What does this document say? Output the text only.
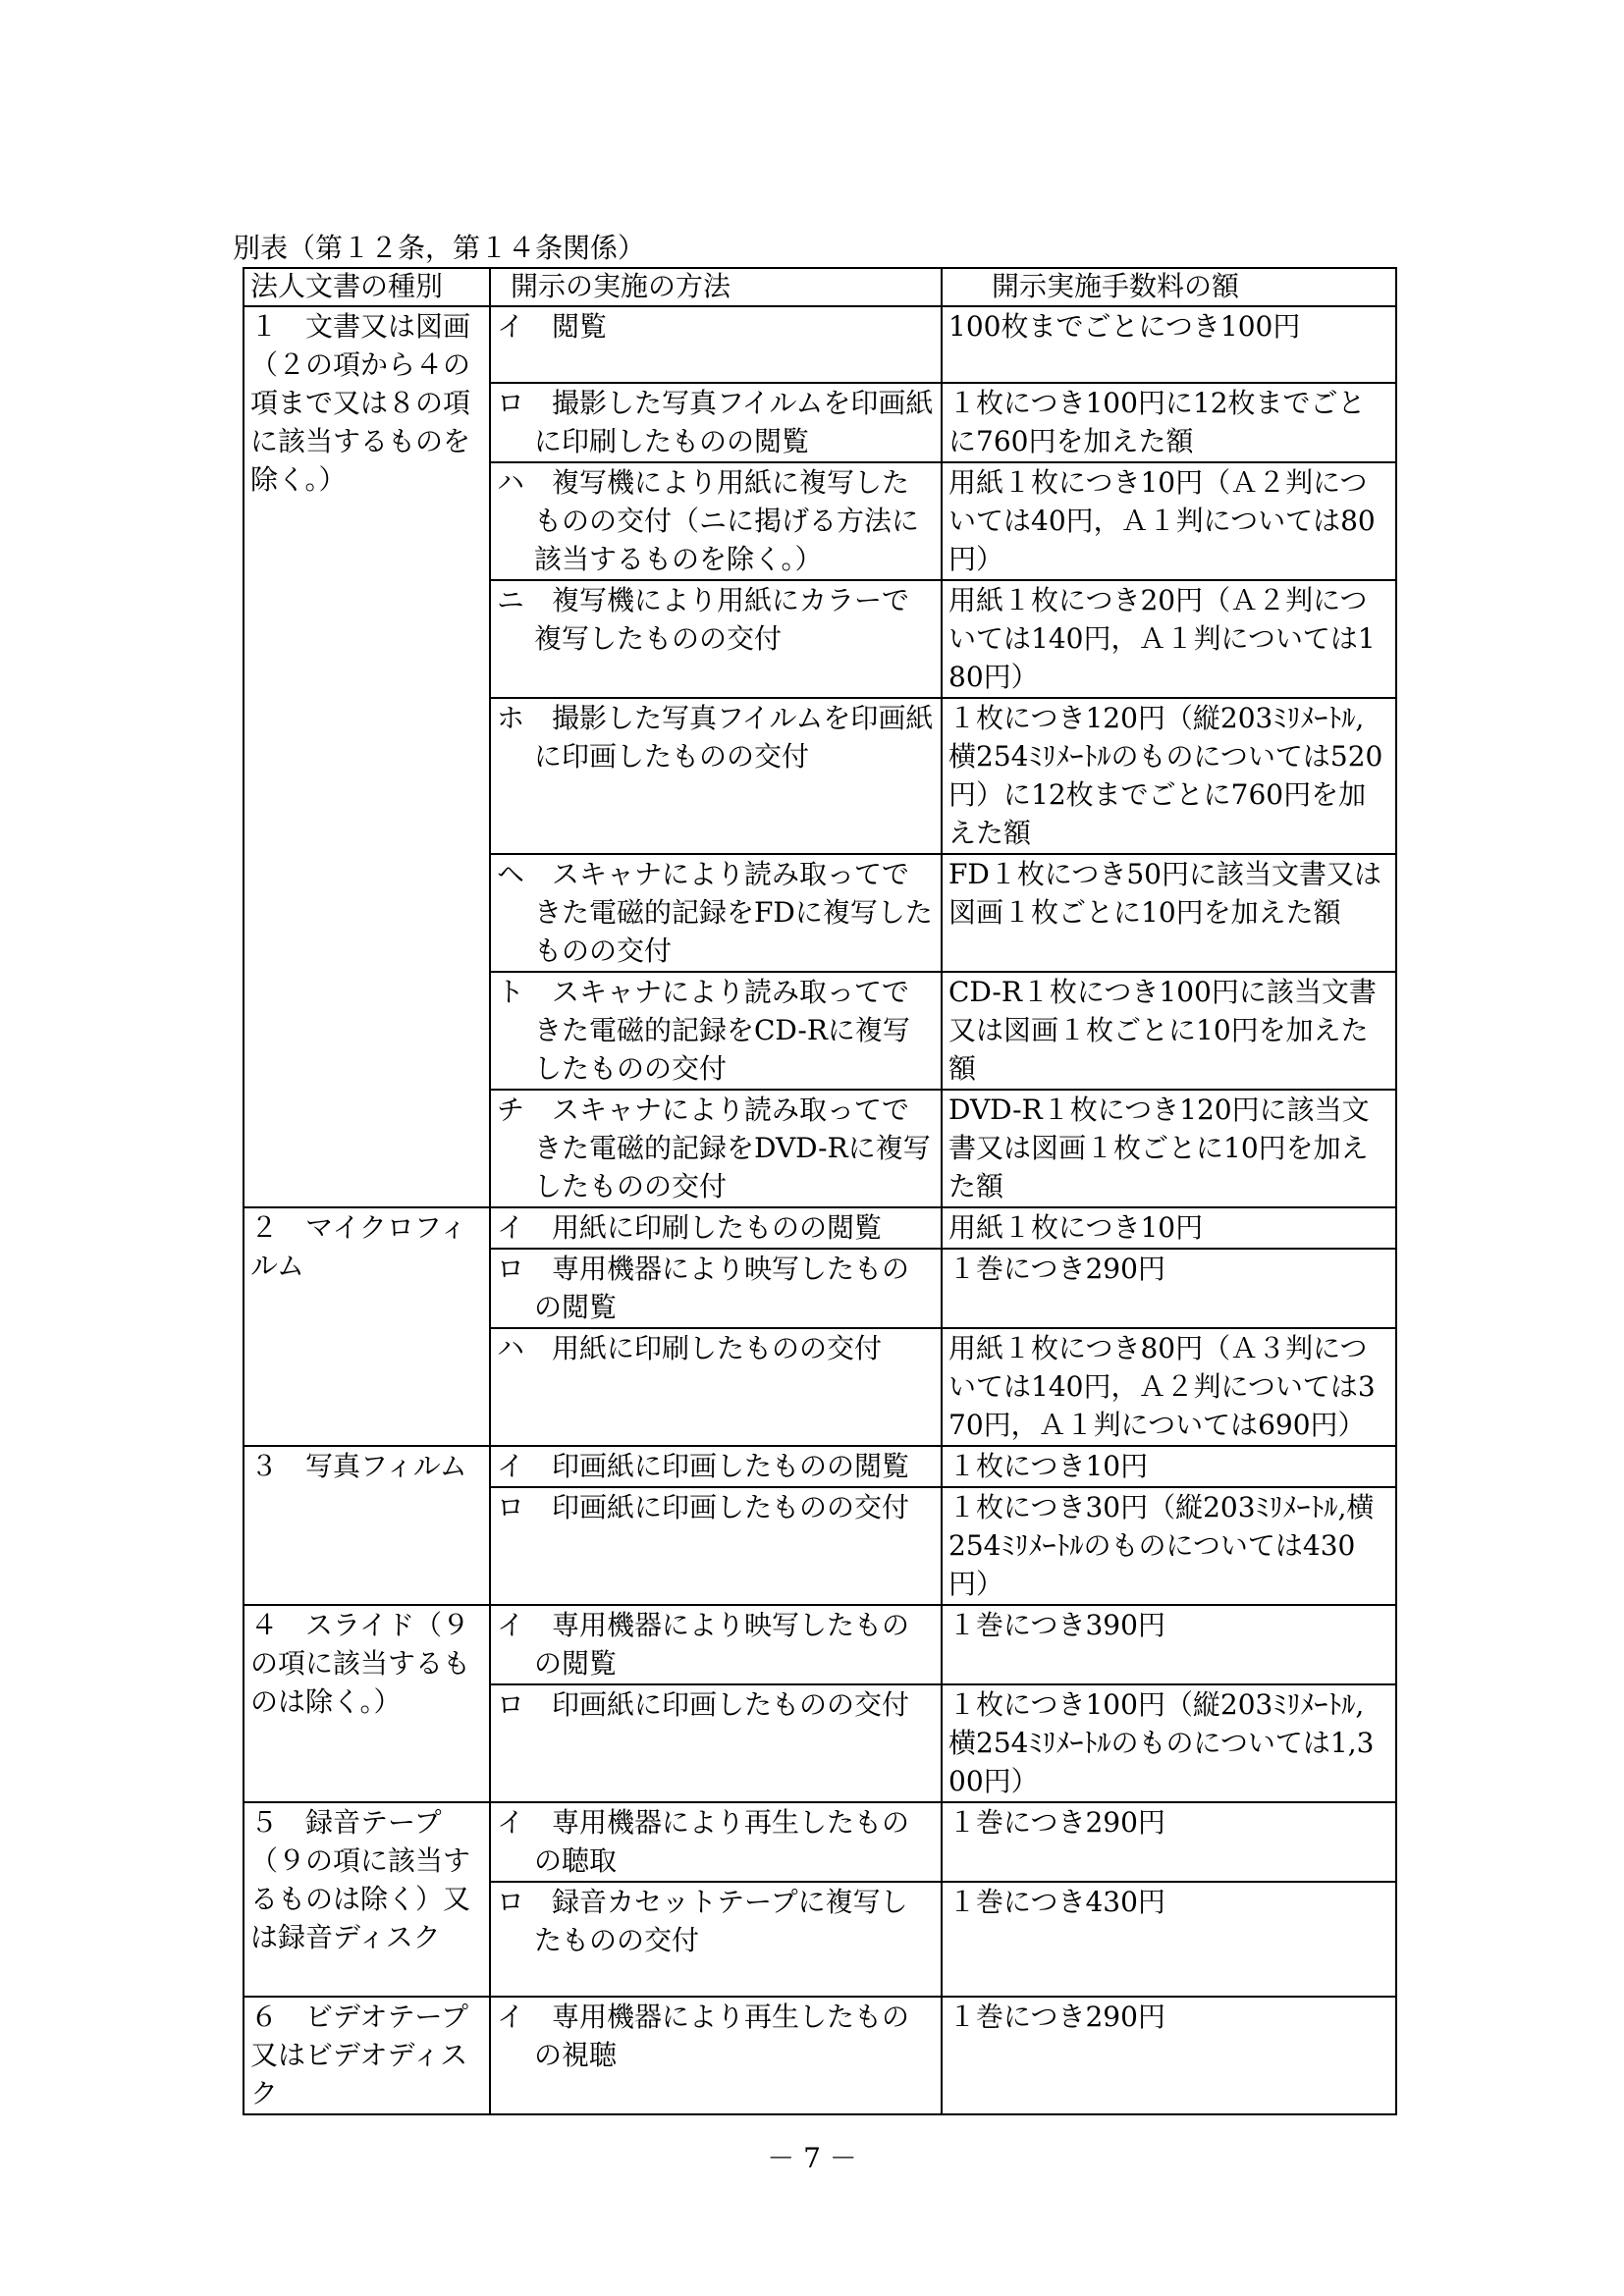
別表（第１２条，第１４条関係）
法人文書の種別	開示の実施の方法	開示実施手数料の額

１　文書又は図画（２の項から４の項まで又は８の項に該当するものを除く。）	イ　閲覧	100枚までごとにつき100円

	ロ　撮影した写真フイルムを印画紙に印刷したものの閲覧	１枚につき100円に12枚までごとに760円を加えた額

	ハ　複写機により用紙に複写したものの交付（ニに掲げる方法に該当するものを除く。）	用紙１枚につき10円（Ａ２判については40円，Ａ１判については80円）

	ニ　複写機により用紙にカラーで複写したものの交付	用紙１枚につき20円（Ａ２判については140円，Ａ１判については180円）

	ホ　撮影した写真フイルムを印画紙に印画したものの交付	１枚につき120円（縦203ﾐﾘﾒｰﾄﾙ,横254ﾐﾘﾒｰﾄﾙのものについては520円）に12枚までごとに760円を加えた額

	ヘ　スキャナにより読み取ってできた電磁的記録をFDに複写したものの交付	FD１枚につき50円に該当文書又は図画１枚ごとに10円を加えた額

	ト　スキャナにより読み取ってできた電磁的記録をCD-Rに複写したものの交付	CD-R１枚につき100円に該当文書又は図画１枚ごとに10円を加えた額

	チ　スキャナにより読み取ってできた電磁的記録をDVD-Rに複写したものの交付	DVD-R１枚につき120円に該当文書又は図画１枚ごとに10円を加えた額

２　マイクロフィルム	イ　用紙に印刷したものの閲覧	用紙１枚につき10円

	ロ　専用機器により映写したものの閲覧	１巻につき290円

	ハ　用紙に印刷したものの交付	用紙１枚につき80円（Ａ３判については140円，Ａ２判については370円，Ａ１判については690円）

３　写真フィルム	イ　印画紙に印画したものの閲覧	１枚につき10円

	ロ　印画紙に印画したものの交付	１枚につき30円（縦203ﾐﾘﾒｰﾄﾙ,横254ﾐﾘﾒｰﾄﾙのものについては430円）

４　スライド（９の項に該当するものは除く。）	イ　専用機器により映写したものの閲覧	１巻につき390円

	ロ　印画紙に印画したものの交付	１枚につき100円（縦203ﾐﾘﾒｰﾄﾙ,横254ﾐﾘﾒｰﾄﾙのものについては1,300円）

５　録音テープ（９の項に該当するものは除く）又は録音ディスク	イ　専用機器により再生したものの聴取	１巻につき290円

	ロ　録音カセットテープに複写したものの交付	１巻につき430円

６　ビデオテープ又はビデオディスク	イ　専用機器により再生したものの視聴	１巻につき290円
－ 7 －
